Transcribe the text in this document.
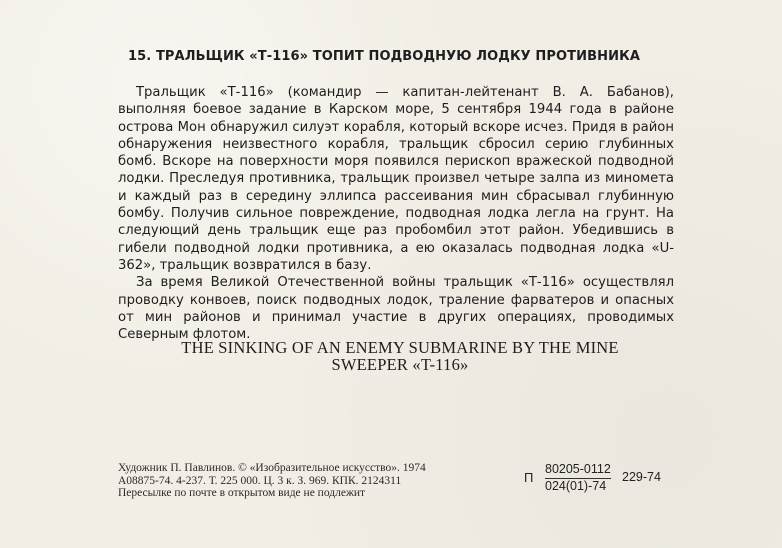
15. ТРАЛЬЩИК «Т-116» ТОПИТ ПОДВОДНУЮ ЛОДКУ ПРОТИВНИКА

Тральщик «Т-116» (командир — капитан-лейтенант В. А. Бабанов), выполняя боевое задание в Карском море, 5 сентября 1944 года в районе острова Мон обнаружил силуэт корабля, который вскоре исчез. Придя в район обнаружения неизвестного корабля, тральщик сбросил серию глубинных бомб. Вскоре на поверхности моря появился перископ вражеской подводной лодки. Преследуя противника, тральщик произвел четыре залпа из миномета и каждый раз в середину эллипса рассеивания мин сбрасывал глубинную бомбу. Получив сильное повреждение, подводная лодка легла на грунт. На следующий день тральщик еще раз пробомбил этот район. Убедившись в гибели подводной лодки противника, а ею оказалась подводная лодка «U-362», тральщик возвратился в базу.

За время Великой Отечественной войны тральщик «Т-116» осуществлял проводку конвоев, поиск подводных лодок, траление фарватеров и опасных от мин районов и принимал участие в других операциях, проводимых Северным флотом.

THE SINKING OF AN ENEMY SUBMARINE BY THE MINE
SWEEPER «T-116»
Художник П. Павлинов. © «Изобразительное искусство». 1974
А08875-74. 4-237. Т. 225 000. Ц. 3 к. З. 969. КПК. 2124311
Пересылке по почте в открытом виде не подлежит
П
80205-0112
024(01)-74
229-74
